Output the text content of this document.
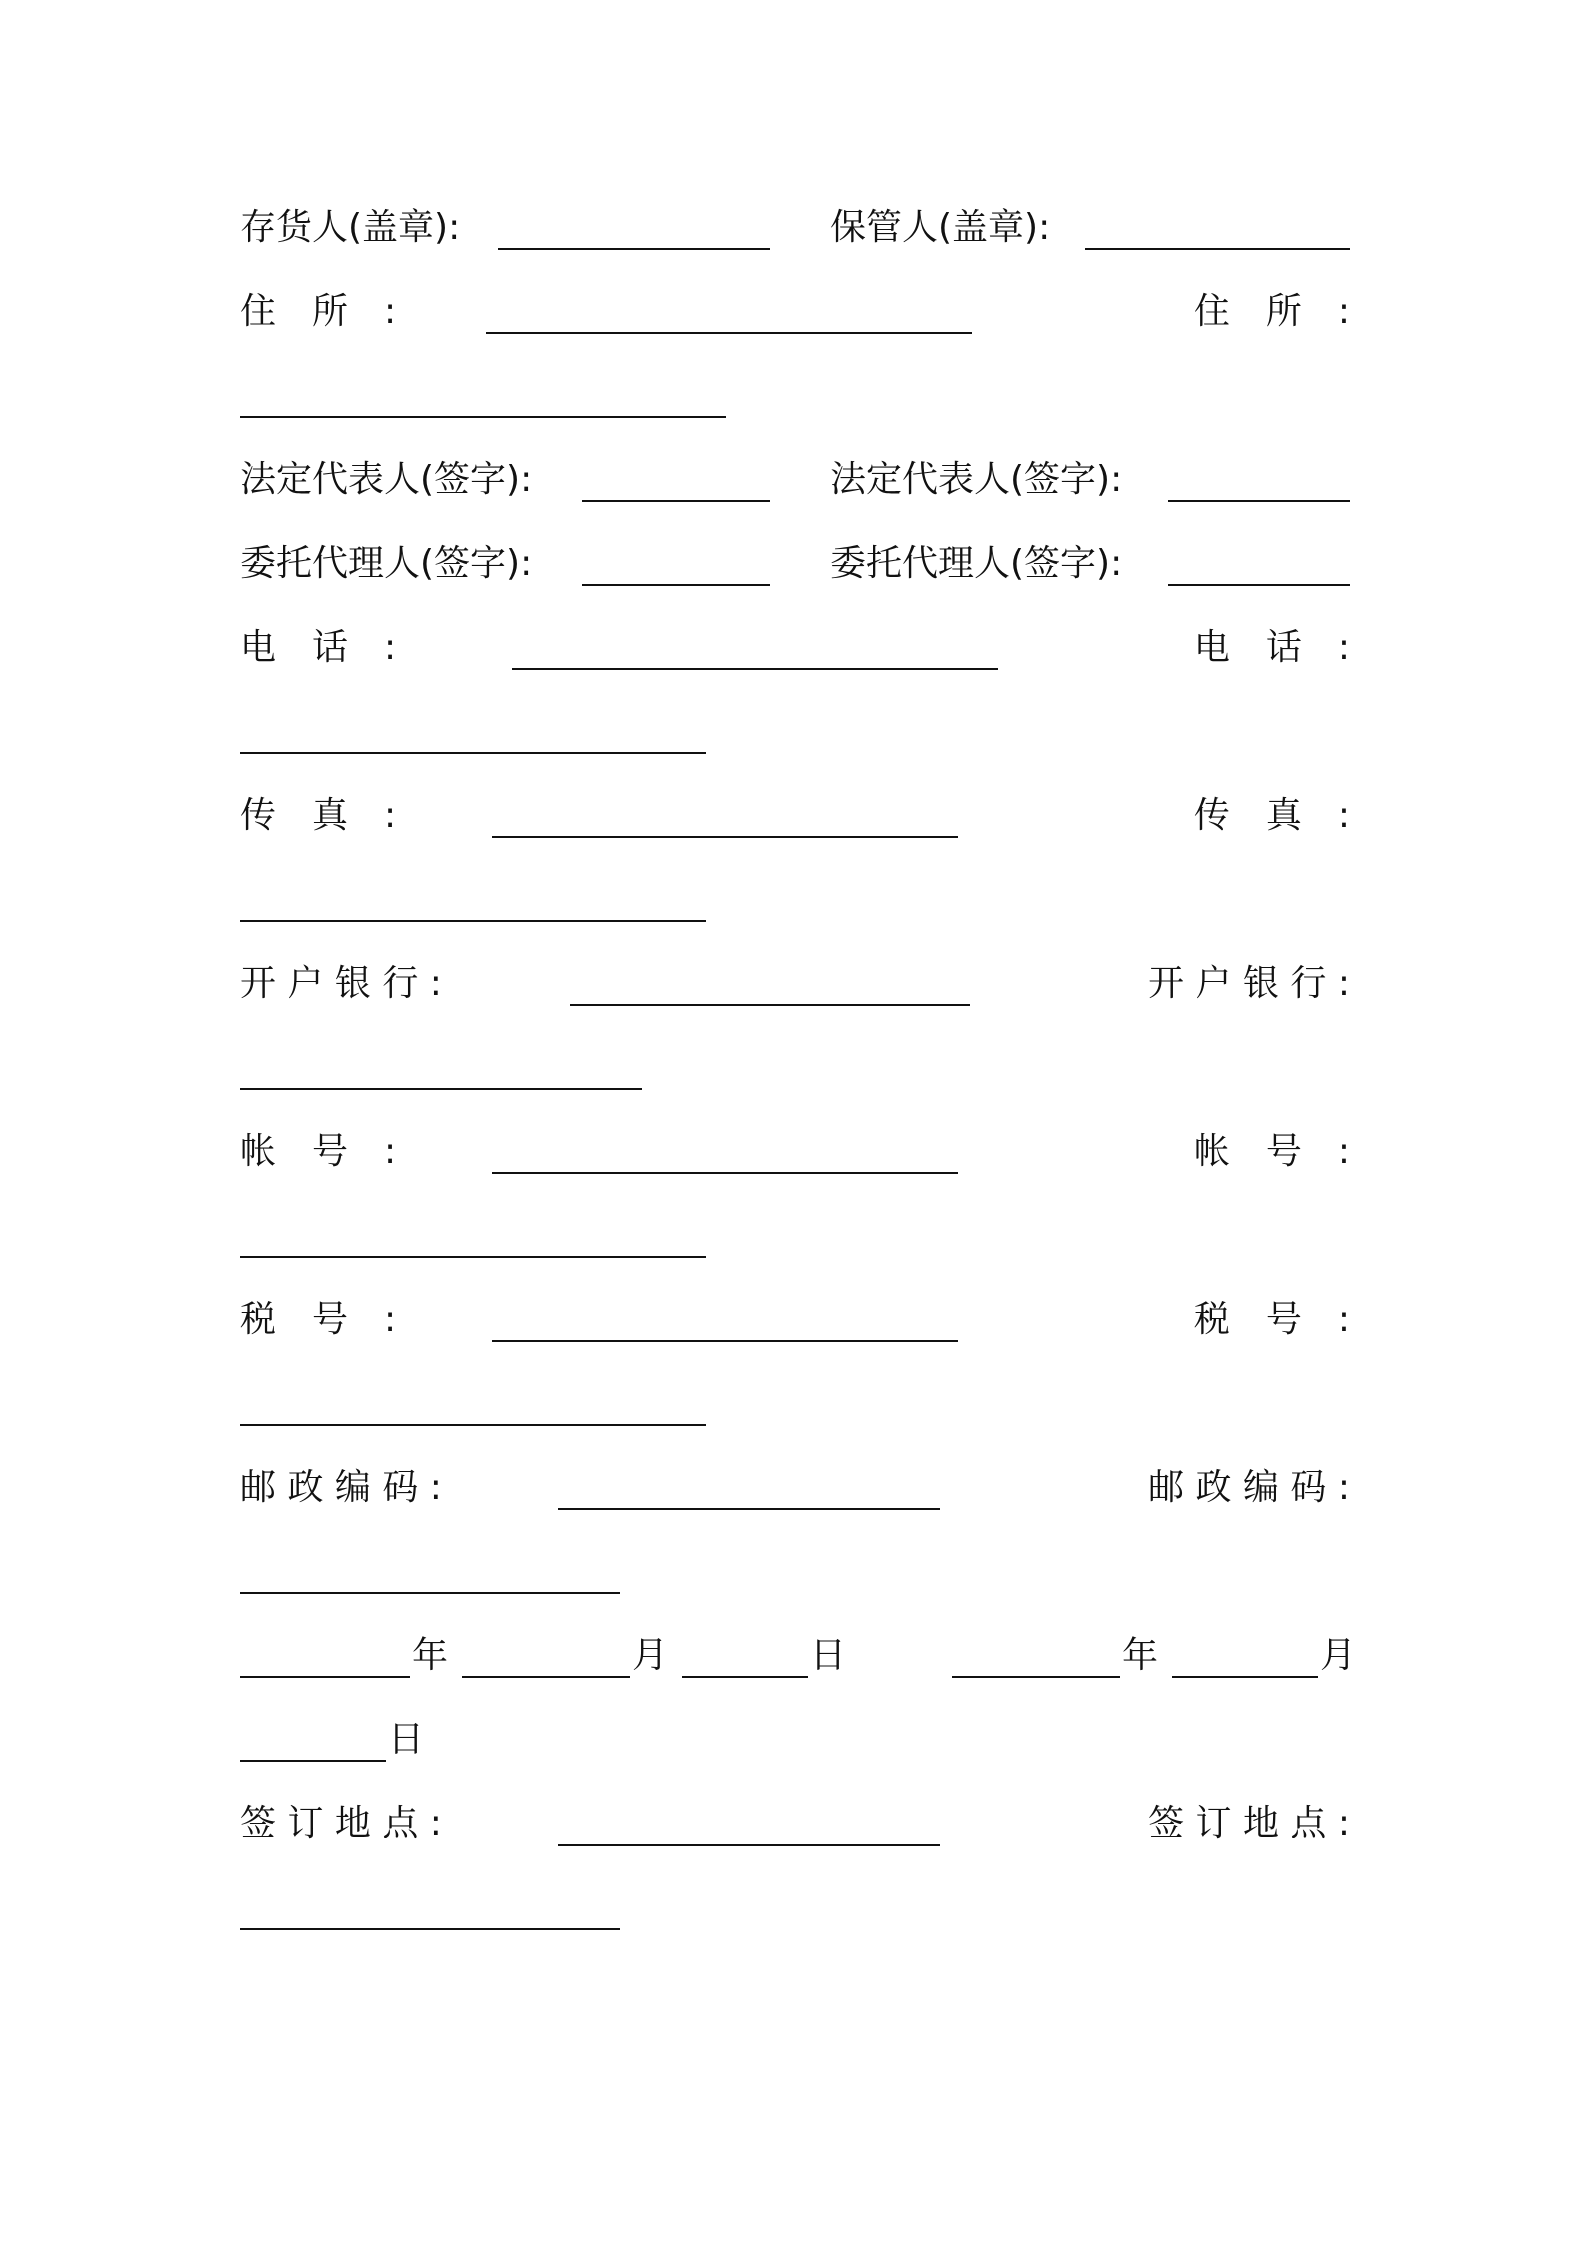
存货人(盖章):	保管人(盖章):
住　所　:	住　所　:
法定代表人(签字):	法定代表人(签字):
委托代理人(签字):	委托代理人(签字):
电　话　:	电　话　:
传　真　:	传　真　:
开 户 银 行 :	开 户 银 行 :
帐　号　:	帐　号　:
税　号　:	税　号　:
邮 政 编 码 :	邮 政 编 码 :
年	月	日	年	月
日
签 订 地 点 :	签 订 地 点 :
